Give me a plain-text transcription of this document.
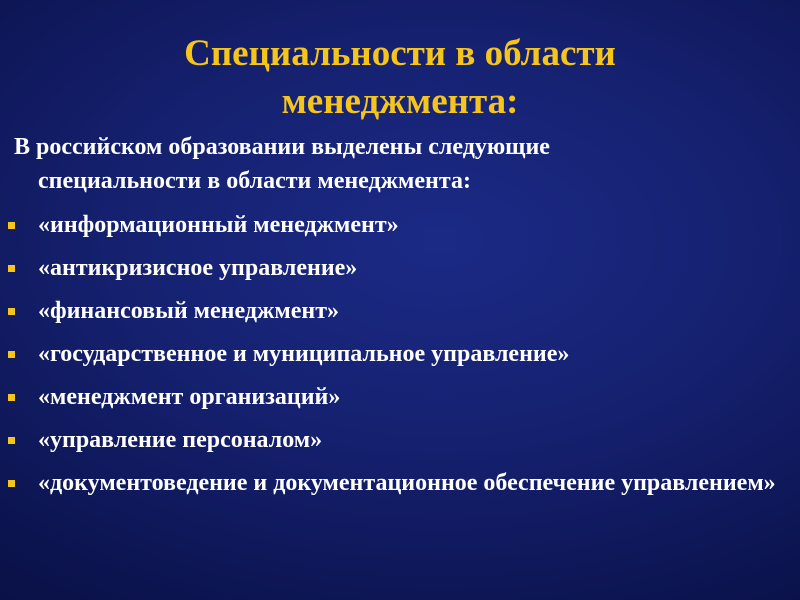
Специальности в области
менеджмента:
В российском образовании выделены следующие
специальности в области менеджмента:
«информационный менеджмент»
«антикризисное управление»
«финансовый менеджмент»
«государственное и муниципальное управление»
«менеджмент организаций»
«управление персоналом»
«документоведение и документационное обеспечение управлением»
